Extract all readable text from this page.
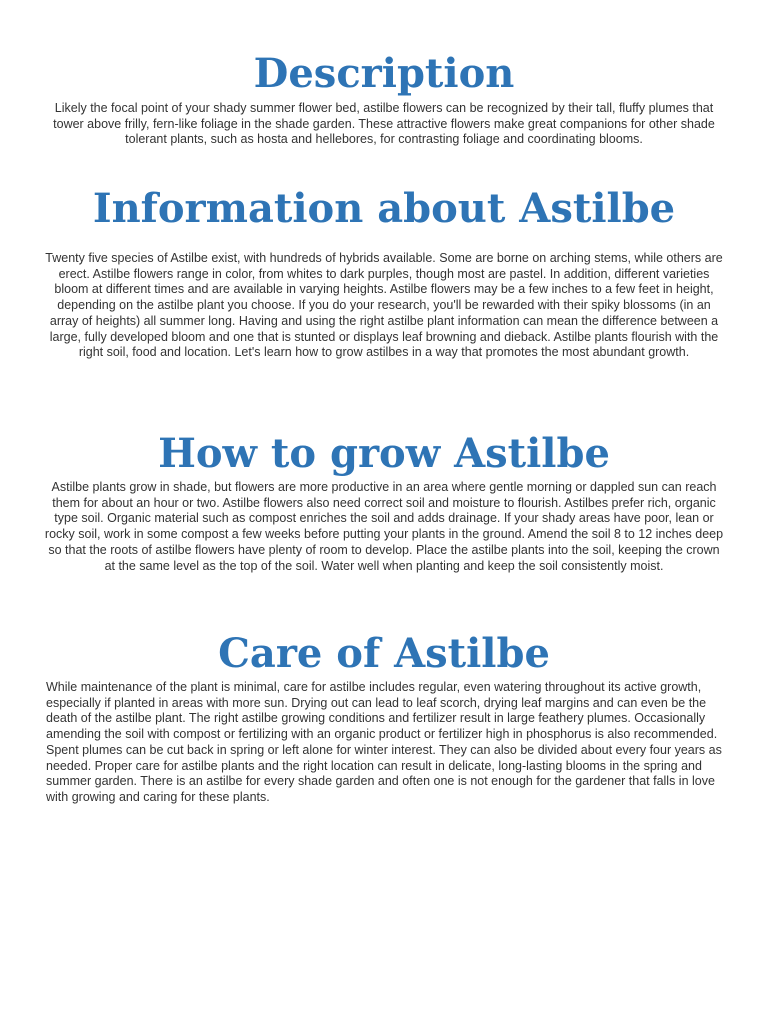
Description

Likely the focal point of your shady summer flower bed, astilbe flowers can be recognized by their tall, fluffy plumes that tower above frilly, fern-like foliage in the shade garden. These attractive flowers make great companions for other shade tolerant plants, such as hosta and hellebores, for contrasting foliage and coordinating blooms.

Information about Astilbe

Twenty five species of Astilbe exist, with hundreds of hybrids available. Some are borne on arching stems, while others are erect. Astilbe flowers range in color, from whites to dark purples, though most are pastel. In addition, different varieties bloom at different times and are available in varying heights. Astilbe flowers may be a few inches to a few feet in height, depending on the astilbe plant you choose. If you do your research, you'll be rewarded with their spiky blossoms (in an array of heights) all summer long. Having and using the right astilbe plant information can mean the difference between a large, fully developed bloom and one that is stunted or displays leaf browning and dieback. Astilbe plants flourish with the right soil, food and location. Let's learn how to grow astilbes in a way that promotes the most abundant growth.

How to grow Astilbe

Astilbe plants grow in shade, but flowers are more productive in an area where gentle morning or dappled sun can reach them for about an hour or two. Astilbe flowers also need correct soil and moisture to flourish. Astilbes prefer rich, organic type soil. Organic material such as compost enriches the soil and adds drainage. If your shady areas have poor, lean or rocky soil, work in some compost a few weeks before putting your plants in the ground. Amend the soil 8 to 12 inches deep so that the roots of astilbe flowers have plenty of room to develop. Place the astilbe plants into the soil, keeping the crown at the same level as the top of the soil. Water well when planting and keep the soil consistently moist.

Care of Astilbe

While maintenance of the plant is minimal, care for astilbe includes regular, even watering throughout its active growth, especially if planted in areas with more sun. Drying out can lead to leaf scorch, drying leaf margins and can even be the death of the astilbe plant. The right astilbe growing conditions and fertilizer result in large feathery plumes. Occasionally amending the soil with compost or fertilizing with an organic product or fertilizer high in phosphorus is also recommended. Spent plumes can be cut back in spring or left alone for winter interest. They can also be divided about every four years as needed. Proper care for astilbe plants and the right location can result in delicate, long-lasting blooms in the spring and summer garden. There is an astilbe for every shade garden and often one is not enough for the gardener that falls in love with growing and caring for these plants.
